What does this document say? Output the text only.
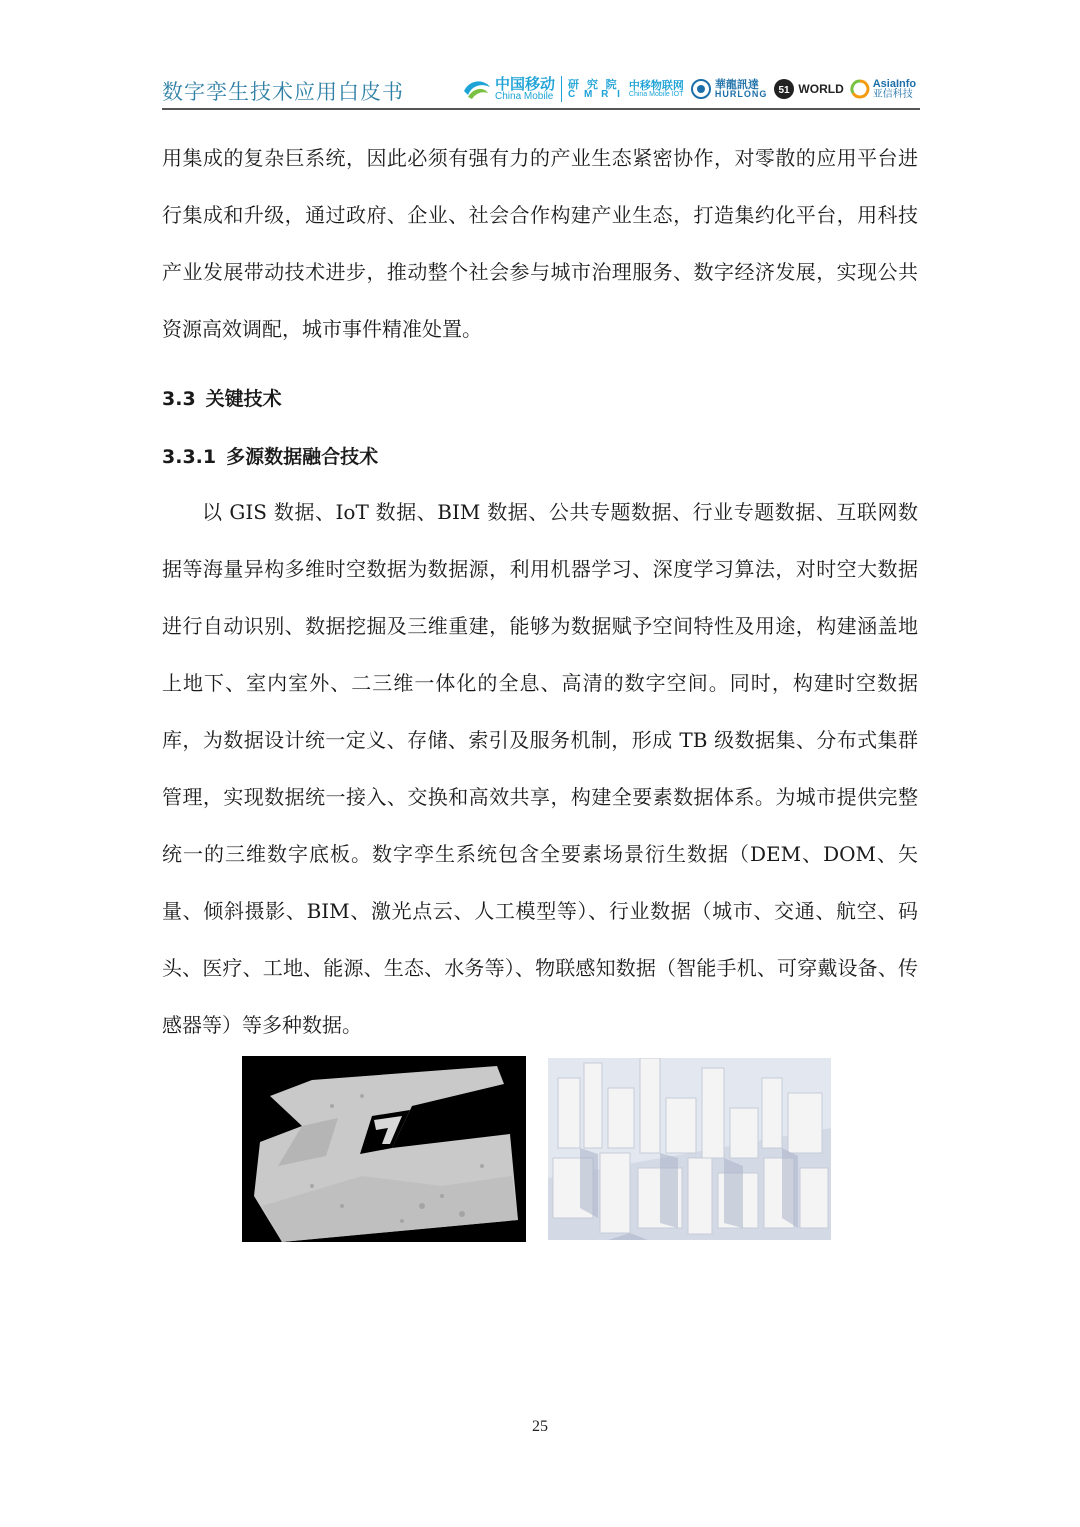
数字孪生技术应用白皮书	中国移动
China Mobile
研 究 院
C M R I
中移物联网
China Mobile IOT
華龍訊達
HURLONG 51 WORLD	AsiaInfo
亚信科技

用集成的复杂巨系统，因此必须有强有力的产业生态紧密协作，对零散的应用平台进行集成和升级，通过政府、企业、社会合作构建产业生态，打造集约化平台，用科技产业发展带动技术进步，推动整个社会参与城市治理服务、数字经济发展，实现公共资源高效调配，城市事件精准处置。

3.3 关键技术
3.3.1 多源数据融合技术

以 GIS 数据、IoT 数据、BIM 数据、公共专题数据、行业专题数据、互联网数据等海量异构多维时空数据为数据源，利用机器学习、深度学习算法，对时空大数据进行自动识别、数据挖掘及三维重建，能够为数据赋予空间特性及用途，构建涵盖地上地下、室内室外、二三维一体化的全息、高清的数字空间。同时，构建时空数据库，为数据设计统一定义、存储、索引及服务机制，形成 TB 级数据集、分布式集群管理，实现数据统一接入、交换和高效共享，构建全要素数据体系。为城市提供完整统一的三维数字底板。数字孪生系统包含全要素场景衍生数据（DEM、DOM、矢量、倾斜摄影、BIM、激光点云、人工模型等）、行业数据（城市、交通、航空、码头、医疗、工地、能源、生态、水务等）、物联感知数据（智能手机、可穿戴设备、传感器等）等多种数据。

25
